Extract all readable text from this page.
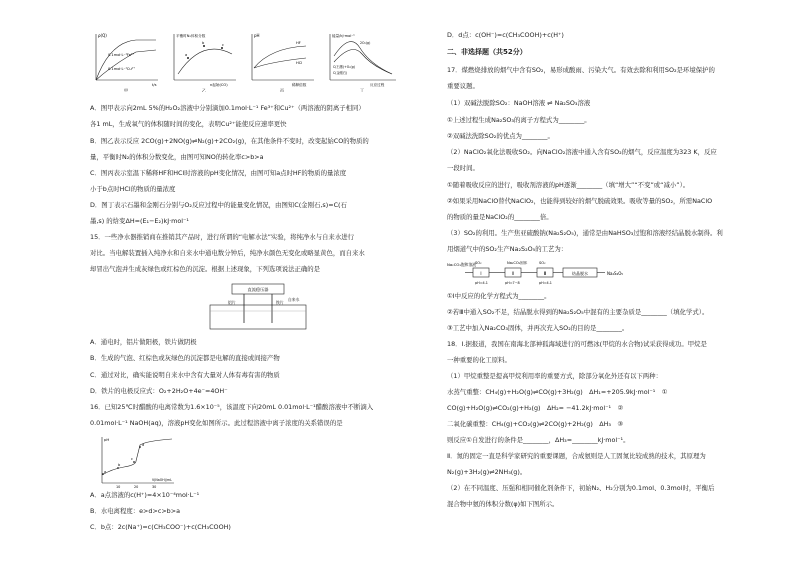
ρ(Q)
0.1mol·L⁻¹Fe³⁺
0.1mol·L⁻¹Cu²⁺
t/s
甲
平衡时N₂体积分数
a
b	c
n起始(CO)
乙
pH
HF
HCl
稀释倍数
丙
能量/kJ·mol⁻¹
2O₂(g)
C(石墨)+O₂(g)
C(金刚石)
反应过程
丁
A．图甲表示向2mL 5%的H₂O₂溶液中分别滴加0.1mol·L⁻¹ Fe³⁺和Cu²⁺（两溶液的阴离子相同）
各1 mL，生成氧气的体积随时间的变化，表明Cu²⁺能使反应速率更快
B．图乙表示反应 2CO(g)+2NO(g)⇌N₂(g)+2CO₂(g)，在其他条件不变时，改变起始CO的物质的
量，平衡时N₂的体积分数变化，由图可知NO的转化率c>b>a
C．图丙表示室温下稀释HF和HCl时溶液的pH变化情况，由图可知a点时HF的物质的量浓度
小于b点时HCl的物质的量浓度
D．图丁表示石墨和金刚石分别与O₂反应过程中的能量变化情况，由图知C(金刚石,s)=C(石
墨,s) 的焓变ΔH=(E₁−E₂)kJ·mol⁻¹
15．一些净水器推销商在推销其产品时，进行所谓的“电解水法”实验，将纯净水与自来水进行
对比。当电解装置插入纯净水和自来水中通电数分钟后，纯净水颜色无变化或略显黄色，而自来水
却冒出气泡并生成灰绿色或红棕色的沉淀。根据上述现象，下列选项说法正确的是
直流稳压器
铝片	铁片
自来水
A．通电时，铝片做阳极，铁片做阴极
B．生成的气泡、红棕色或灰绿色的沉淀都是电解的直接或间接产物
C．通过对比，确实能说明自来水中含有大量对人体有毒有害的物质
D．铁片的电极反应式：O₂+2H₂O+4e⁻=4OH⁻
16．已知25℃时醋酸的电离常数为1.6×10⁻⁵，该温度下向20mL 0.01mol·L⁻¹醋酸溶液中不断滴入
0.01mol·L⁻¹ NaOH(aq)，溶液pH变化如图所示。此过程溶液中离子浓度的关系错误的是
pH
a
b
c
d
10	20	30
V(NaOH)/mL
A．a点溶液的c(H⁺)=4×10⁻⁴mol·L⁻¹
B．水电离程度：e>d>c>b>a
C．b点：2c(Na⁺)=c(CH₃COO⁻)+c(CH₃COOH)
D．d点：c(OH⁻)=c(CH₃COOH)+c(H⁺)
二、非选择题（共52分）
17．煤燃烧排放的烟气中含有SO₂，易形成酸雨、污染大气。有效去除和利用SO₂是环境保护的
重要议题。
（1）双碱法脱除SO₂：NaOH溶液 ⇌ Na₂SO₃溶液
①上述过程生成Na₂SO₃的离子方程式为________。
②双碱法洗除SO₂的优点为________。
（2）NaClO₂氧化法吸收SO₂。向NaClO₂溶液中通入含有SO₂的烟气，反应温度为323 K，反应
一段时间。
①随着吸收反应的进行，吸收剂溶液的pH逐渐________（填“增大”“不变”或“减小”）。
②如果采用NaClO替代NaClO₂，也能得到较好的烟气脱硫效果。吸收等量的SO₂，所需NaClO
的物质的量是NaClO₂的________倍。
（3）SO₂的利用。生产焦亚硫酸钠(Na₂S₂O₅)，通常是由NaHSO₃过饱和溶液经结晶脱水制得。利
用烟道气中的SO₂生产Na₂S₂O₅的工艺为：
Na₂CO₃饱和溶液
Ⅰ	Ⅱ	Ⅲ	结晶脱水	Na₂S₂O₅
SO₂	Na₂CO₃固体	SO₂
pH=4.1	pH=7~8	pH=4.1
①Ⅰ中反应的化学方程式为________。
②若Ⅲ中通入SO₂不足，结晶脱水得到的Na₂S₂O₅中混有的主要杂质是________（填化学式）。
③工艺中加入Na₂CO₃固体，并再次充入SO₂的目的是________。
18．Ⅰ.据报道，我国在南海北部神狐海域进行的可燃冰(甲烷的水合物)试采获得成功。甲烷是
一种重要的化工原料。
（1）甲烷重整是提高甲烷利用率的重要方式，除部分氧化外还有以下两种：
水蒸气重整：CH₄(g)+H₂O(g)⇌CO(g)+3H₂(g)　ΔH₁=+205.9kJ·mol⁻¹　①
CO(g)+H₂O(g)⇌CO₂(g)+H₂(g)　ΔH₂= −41.2kJ·mol⁻¹　②
二氧化碳重整：CH₄(g)+CO₂(g)⇌2CO(g)+2H₂(g)　ΔH₃　③
则反应①自发进行的条件是________，ΔH₃=________kJ·mol⁻¹。
Ⅱ．氮的固定一直是科学家研究的重要课题，合成氨则是人工固氮比较成熟的技术，其原理为
N₂(g)+3H₂(g)⇌2NH₃(g)。
（2）在不同温度、压强和相同催化剂条件下，初始N₂、H₂分别为0.1mol、0.3mol时，平衡后
混合物中氨的体积分数(φ)如下图所示。
